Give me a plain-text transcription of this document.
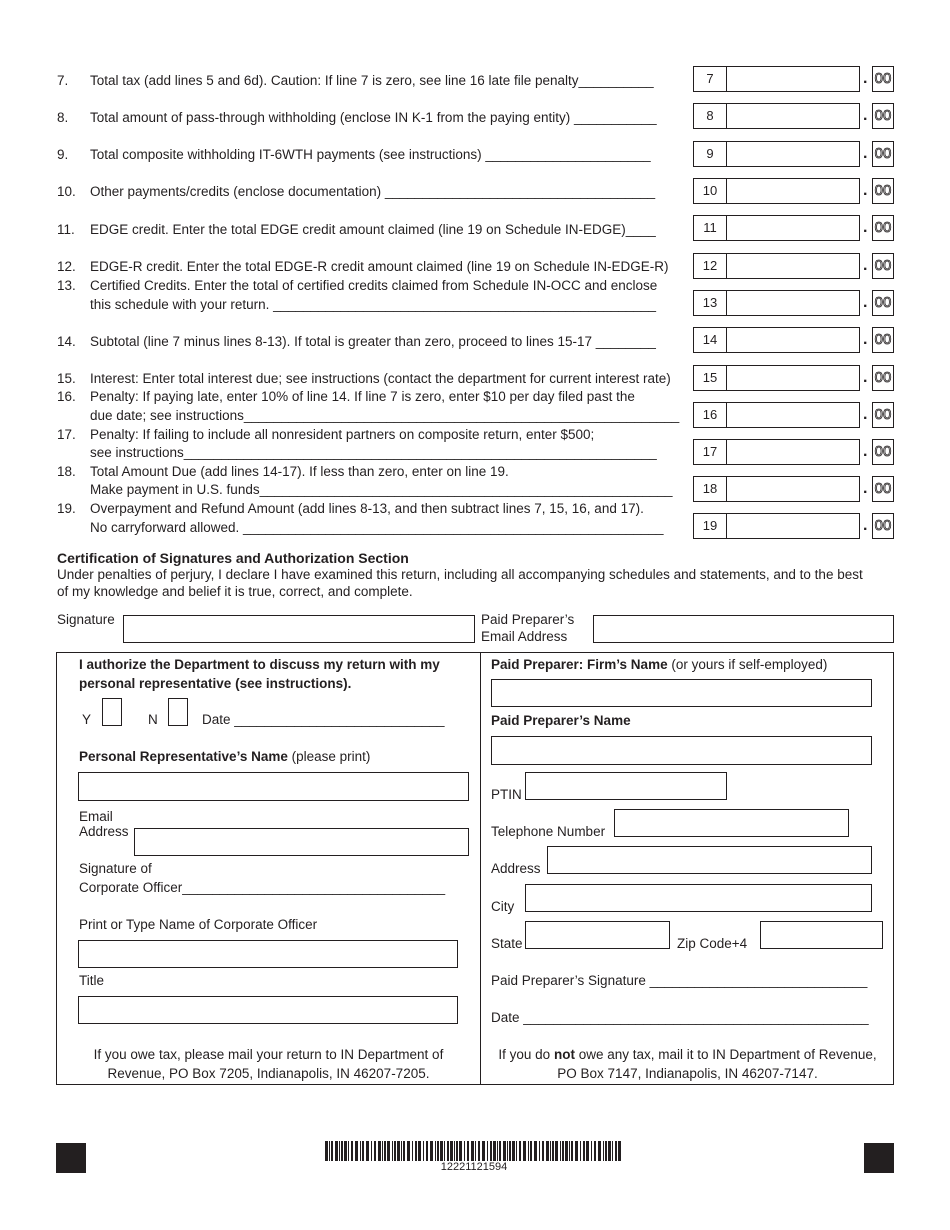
7. Total tax (add lines 5 and 6d). Caution: If line 7 is zero, see line 16 late file penalty__________	7	. 00
8. Total amount of pass-through withholding (enclose IN K-1 from the paying entity) ___________	8	. 00
9. Total composite withholding IT-6WTH payments (see instructions) ______________________	9	. 00
10. Other payments/credits (enclose documentation) ____________________________________	10	. 00
11. EDGE credit. Enter the total EDGE credit amount claimed (line 19 on Schedule IN-EDGE)____	11	. 00
12. EDGE-R credit. Enter the total EDGE-R credit amount claimed (line 19 on Schedule IN-EDGE-R)	12	. 00
13. Certified Credits. Enter the total of certified credits claimed from Schedule IN-OCC and enclose
this schedule with your return. ___________________________________________________	13	. 00
14. Subtotal (line 7 minus lines 8-13). If total is greater than zero, proceed to lines 15-17 ________	14	. 00
15. Interest: Enter total interest due; see instructions (contact the department for current interest rate)	15	. 00
16. Penalty: If paying late, enter 10% of line 14. If line 7 is zero, enter $10 per day filed past the
due date; see instructions__________________________________________________________	16	. 00
17. Penalty: If failing to include all nonresident partners on composite return, enter $500;
see instructions_______________________________________________________________	17	. 00
18. Total Amount Due (add lines 14-17). If less than zero, enter on line 19.
Make payment in U.S. funds_______________________________________________________	18	. 00
19. Overpayment and Refund Amount (add lines 8-13, and then subtract lines 7, 15, 16, and 17).
No carryforward allowed. ________________________________________________________	19	. 00
Certification of Signatures and Authorization Section
Under penalties of perjury, I declare I have examined this return, including all accompanying schedules and statements, and to the best
of my knowledge and belief it is true, correct, and complete.
Signature	Paid Preparer’s
Email Address
I authorize the Department to discuss my return with my
personal representative (see instructions).
Y	N	Date ____________________________
Personal Representative’s Name (please print)
Email
Address
Signature of
Corporate Officer___________________________________
Print or Type Name of Corporate Officer
Title
If you owe tax, please mail your return to IN Department of
Revenue, PO Box 7205, Indianapolis, IN 46207-7205.
Paid Preparer: Firm’s Name (or yours if self-employed)
Paid Preparer’s Name
PTIN
Telephone Number
Address
City
State	Zip Code+4
Paid Preparer’s Signature _____________________________
Date ______________________________________________
If you do not owe any tax, mail it to IN Department of Revenue,
PO Box 7147, Indianapolis, IN 46207-7147.
12221121594
